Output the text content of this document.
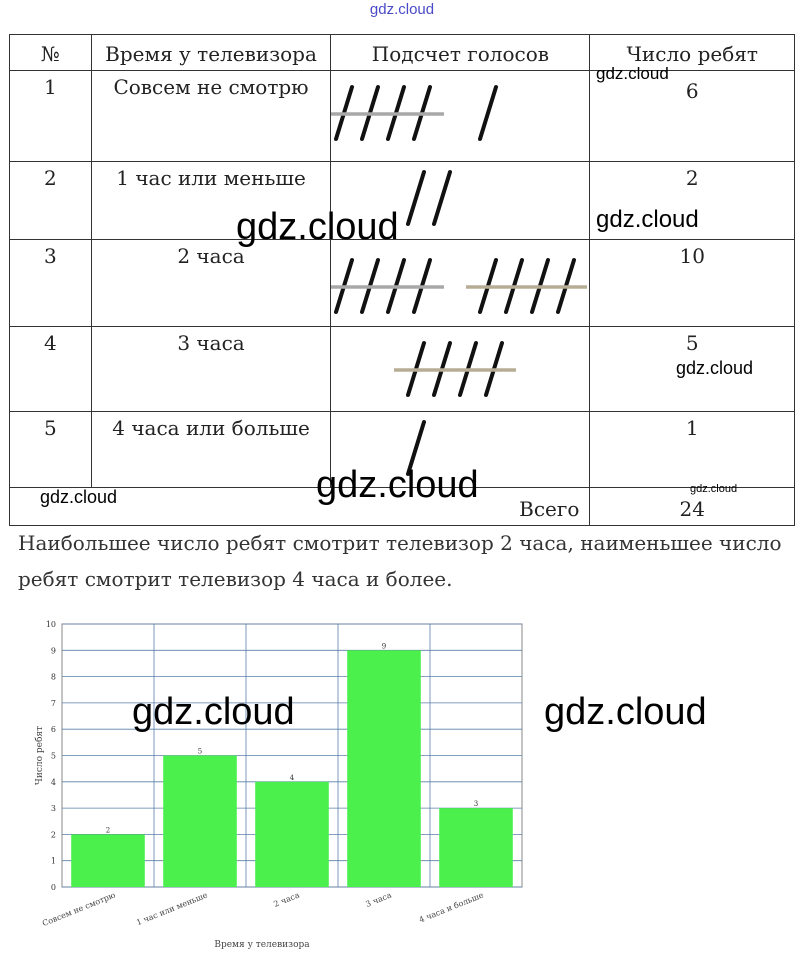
gdz.cloud
№	Время у телевизора	Подсчет голосов	Число ребят
1	Совсем не смотрю		6
2	1 час или меньше		2
3	2 часа		10
4	3 часа		5
5	4 часа или больше		1
Всего			24
Наибольшее число ребят смотрит телевизор 2 часа, наименьшее число
ребят смотрит телевизор 4 часа и более.
0
1
2
3
4
5
6
7
8
9
10
2
Совсем не смотрю
5
1 час или меньше
4
2 часа
9
3 часа
3
4 часа и больше
Время у телевизора
Число ребят
gdz.cloud
gdz.cloud	gdz.cloud
gdz.cloud
gdz.cloud
gdz.cloud	gdz.cloud
gdz.cloud	gdz.cloud
